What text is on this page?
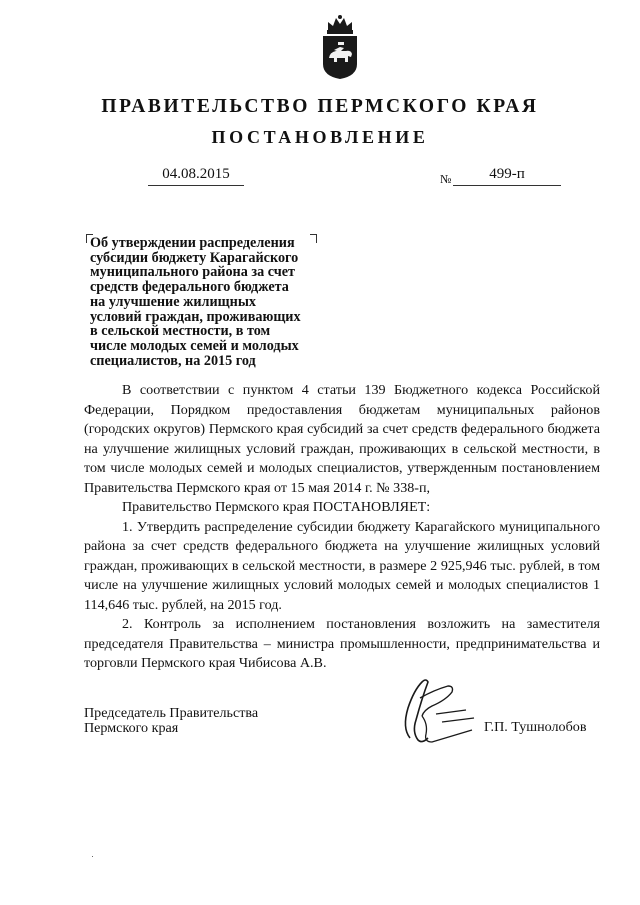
ПРАВИТЕЛЬСТВО ПЕРМСКОГО КРАЯ
ПОСТАНОВЛЕНИЕ
04.08.2015	№	499-п
Об утверждении распределения
субсидии бюджету Карагайского
муниципального района за счет
средств федерального бюджета
на улучшение жилищных
условий граждан, проживающих
в сельской местности, в том
числе молодых семей и молодых
специалистов, на 2015 год

В соответствии с пунктом 4 статьи 139 Бюджетного кодекса Российской Федерации, Порядком предоставления бюджетам муниципальных районов (городских округов) Пермского края субсидий за счет средств федерального бюджета на улучшение жилищных условий граждан, проживающих в сельской местности, в том числе молодых семей и молодых специалистов, утвержденным постановлением Правительства Пермского края от 15 мая 2014 г. № 338-п,

Правительство Пермского края ПОСТАНОВЛЯЕТ:

1. Утвердить распределение субсидии бюджету Карагайского муниципального района за счет средств федерального бюджета на улучшение жилищных условий граждан, проживающих в сельской местности, в размере 2 925,946 тыс. рублей, в том числе на улучшение жилищных условий молодых семей и молодых специалистов 1 114,646 тыс. рублей, на 2015 год.

2. Контроль за исполнением постановления возложить на заместителя председателя Правительства – министра промышленности, предпринимательства и торговли Пермского края Чибисова А.В.

Председатель Правительства
Пермского края	Г.П. Тушнолобов
